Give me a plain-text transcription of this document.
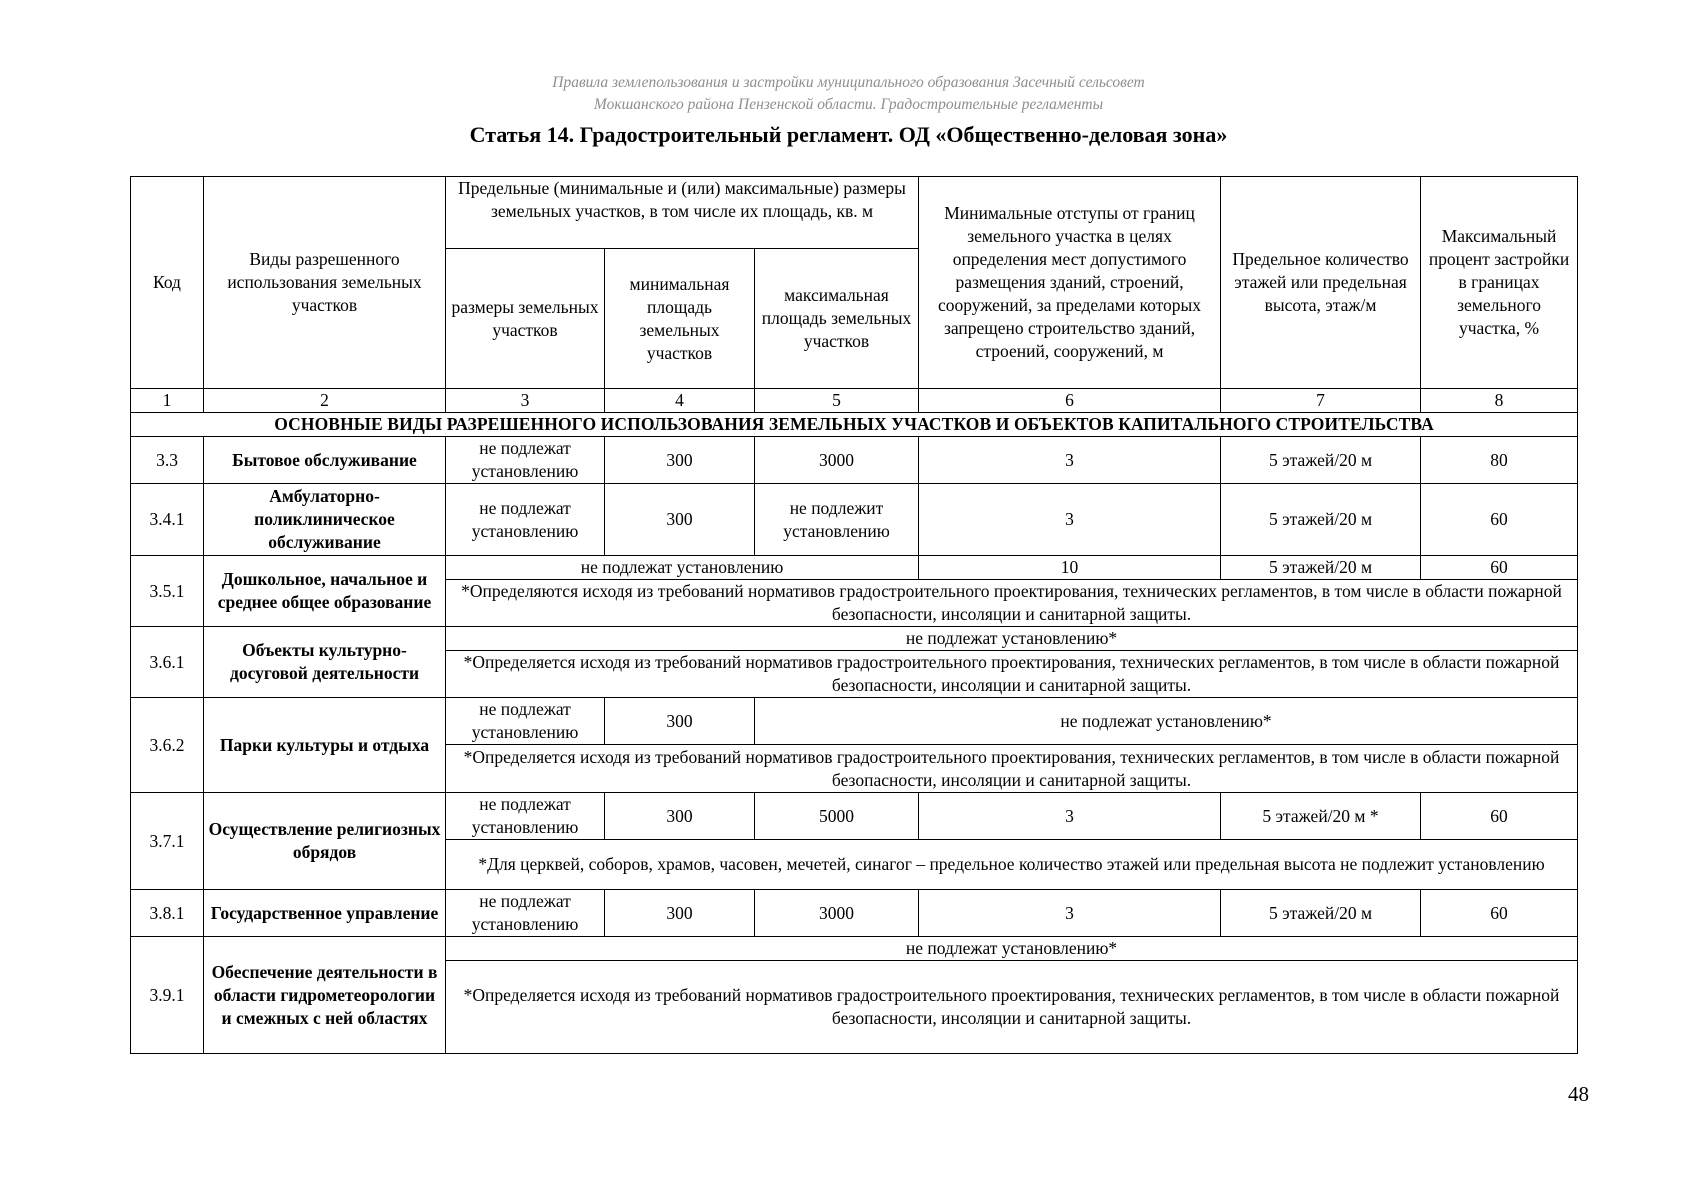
Правила землепользования и застройки муниципального образования Засечный сельсовет
Мокшанского района Пензенской области. Градостроительные регламенты
Статья 14. Градостроительный регламент. ОД «Общественно-деловая зона»
Код	Виды разрешенного использования земельных участков	Предельные (минимальные и (или) максимальные) размеры земельных участков, в том числе их площадь, кв. м			Минимальные отступы от границ земельного участка в целях определения мест допустимого размещения зданий, строений, сооружений, за пределами которых запрещено строительство зданий, строений, сооружений, м	Предельное количество этажей или предельная высота, этаж/м	Максимальный процент застройки в границах земельного участка, %
		размеры земельных участков	минимальная площадь земельных участков	максимальная площадь земельных участков			
1	2	3	4	5	6	7	8
ОСНОВНЫЕ ВИДЫ РАЗРЕШЕННОГО ИСПОЛЬЗОВАНИЯ ЗЕМЕЛЬНЫХ УЧАСТКОВ И ОБЪЕКТОВ КАПИТАЛЬНОГО СТРОИТЕЛЬСТВА							
3.3	Бытовое обслуживание	не подлежат установлению	300	3000	3	5 этажей/20 м	80
3.4.1	Амбулаторно-поликлиническое обслуживание	не подлежат установлению	300	не подлежит установлению	3	5 этажей/20 м	60
3.5.1	Дошкольное, начальное и среднее общее образование	не подлежат установлению			10	5 этажей/20 м	60
		*Определяются исходя из требований нормативов градостроительного проектирования, технических регламентов, в том числе в области пожарной безопасности, инсоляции и санитарной защиты.					
3.6.1	Объекты культурно-досуговой деятельности	не подлежат установлению*					
		*Определяется исходя из требований нормативов градостроительного проектирования, технических регламентов, в том числе в области пожарной безопасности, инсоляции и санитарной защиты.					
3.6.2	Парки культуры и отдыха	не подлежат установлению	300	не подлежат установлению*			
		*Определяется исходя из требований нормативов градостроительного проектирования, технических регламентов, в том числе в области пожарной безопасности, инсоляции и санитарной защиты.					
3.7.1	Осуществление религиозных обрядов	не подлежат установлению	300	5000	3	5 этажей/20 м *	60
		*Для церквей, соборов, храмов, часовен, мечетей, синагог – предельное количество этажей или предельная высота не подлежит установлению					
3.8.1	Государственное управление	не подлежат установлению	300	3000	3	5 этажей/20 м	60
3.9.1	Обеспечение деятельности в области гидрометеорологии и смежных с ней областях	не подлежат установлению*					
		*Определяется исходя из требований нормативов градостроительного проектирования, технических регламентов, в том числе в области пожарной безопасности, инсоляции и санитарной защиты.					
48
